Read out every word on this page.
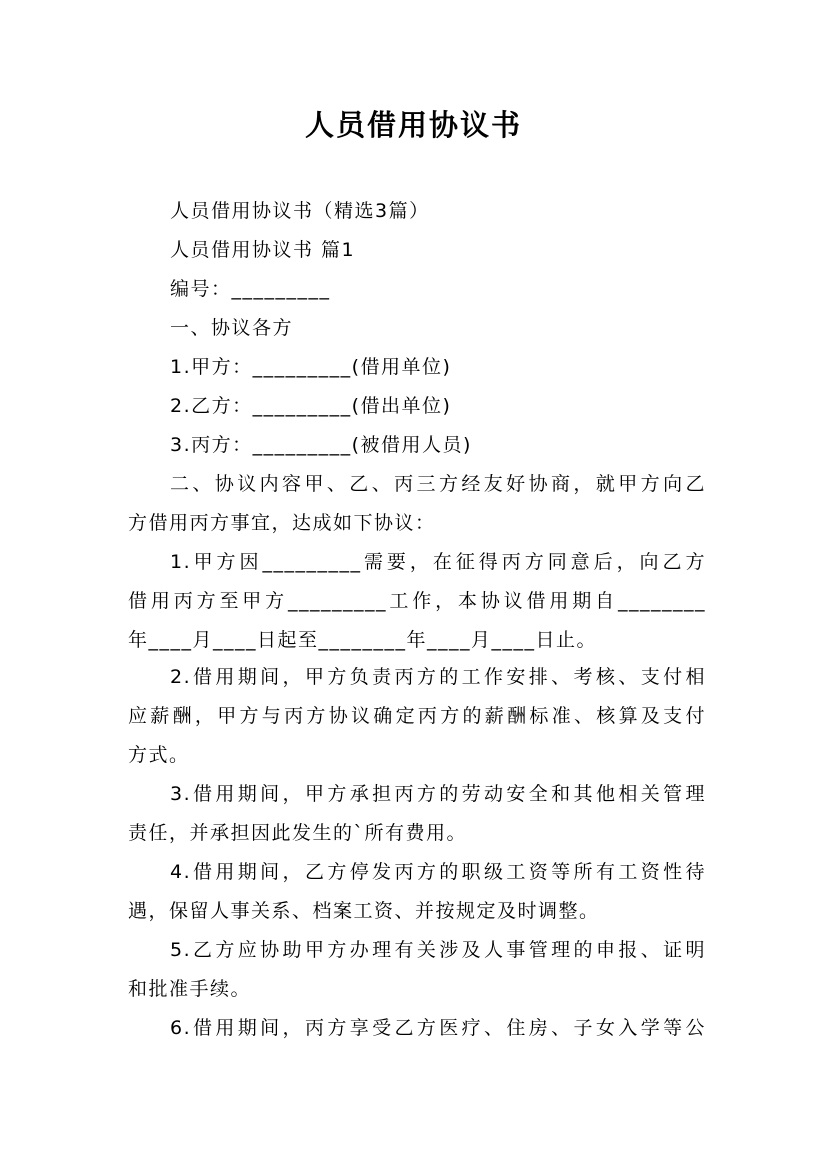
人员借用协议书
人员借用协议书（精选3篇）
人员借用协议书 篇1
编号：_________
一、协议各方
1.甲方：_________(借用单位)
2.乙方：_________(借出单位)
3.丙方：_________(被借用人员)
二、协议内容甲、乙、丙三方经友好协商，就甲方向乙
方借用丙方事宜，达成如下协议：
1.甲方因_________需要，在征得丙方同意后，向乙方
借用丙方至甲方_________工作，本协议借用期自________
年____月____日起至________年____月____日止。
2.借用期间，甲方负责丙方的工作安排、考核、支付相
应薪酬，甲方与丙方协议确定丙方的薪酬标准、核算及支付
方式。
3.借用期间，甲方承担丙方的劳动安全和其他相关管理
责任，并承担因此发生的`所有费用。
4.借用期间，乙方停发丙方的职级工资等所有工资性待
遇，保留人事关系、档案工资、并按规定及时调整。
5.乙方应协助甲方办理有关涉及人事管理的申报、证明
和批准手续。
6.借用期间，丙方享受乙方医疗、住房、子女入学等公
